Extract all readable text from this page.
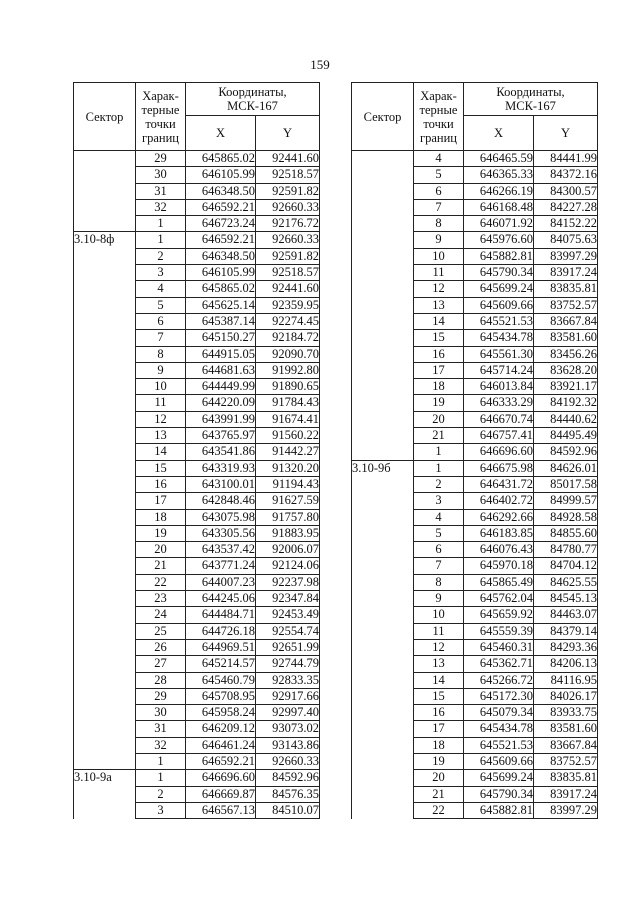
159
Сектор	Харак-
терные
точки
границ	Координаты,
МСК-167	
		X	Y
	29	645865.02	92441.60
	30	646105.99	92518.57
	31	646348.50	92591.82
	32	646592.21	92660.33
	1	646723.24	92176.72
3.10-8ф	1	646592.21	92660.33
	2	646348.50	92591.82
	3	646105.99	92518.57
	4	645865.02	92441.60
	5	645625.14	92359.95
	6	645387.14	92274.45
	7	645150.27	92184.72
	8	644915.05	92090.70
	9	644681.63	91992.80
	10	644449.99	91890.65
	11	644220.09	91784.43
	12	643991.99	91674.41
	13	643765.97	91560.22
	14	643541.86	91442.27
	15	643319.93	91320.20
	16	643100.01	91194.43
	17	642848.46	91627.59
	18	643075.98	91757.80
	19	643305.56	91883.95
	20	643537.42	92006.07
	21	643771.24	92124.06
	22	644007.23	92237.98
	23	644245.06	92347.84
	24	644484.71	92453.49
	25	644726.18	92554.74
	26	644969.51	92651.99
	27	645214.57	92744.79
	28	645460.79	92833.35
	29	645708.95	92917.66
	30	645958.24	92997.40
	31	646209.12	93073.02
	32	646461.24	93143.86
	1	646592.21	92660.33
3.10-9а	1	646696.60	84592.96
	2	646669.87	84576.35
	3	646567.13	84510.07
Сектор	Харак-
терные
точки
границ	Координаты,
МСК-167	
		X	Y
	4	646465.59	84441.99
	5	646365.33	84372.16
	6	646266.19	84300.57
	7	646168.48	84227.28
	8	646071.92	84152.22
	9	645976.60	84075.63
	10	645882.81	83997.29
	11	645790.34	83917.24
	12	645699.24	83835.81
	13	645609.66	83752.57
	14	645521.53	83667.84
	15	645434.78	83581.60
	16	645561.30	83456.26
	17	645714.24	83628.20
	18	646013.84	83921.17
	19	646333.29	84192.32
	20	646670.74	84440.62
	21	646757.41	84495.49
	1	646696.60	84592.96
3.10-9б	1	646675.98	84626.01
	2	646431.72	85017.58
	3	646402.72	84999.57
	4	646292.66	84928.58
	5	646183.85	84855.60
	6	646076.43	84780.77
	7	645970.18	84704.12
	8	645865.49	84625.55
	9	645762.04	84545.13
	10	645659.92	84463.07
	11	645559.39	84379.14
	12	645460.31	84293.36
	13	645362.71	84206.13
	14	645266.72	84116.95
	15	645172.30	84026.17
	16	645079.34	83933.75
	17	645434.78	83581.60
	18	645521.53	83667.84
	19	645609.66	83752.57
	20	645699.24	83835.81
	21	645790.34	83917.24
	22	645882.81	83997.29
